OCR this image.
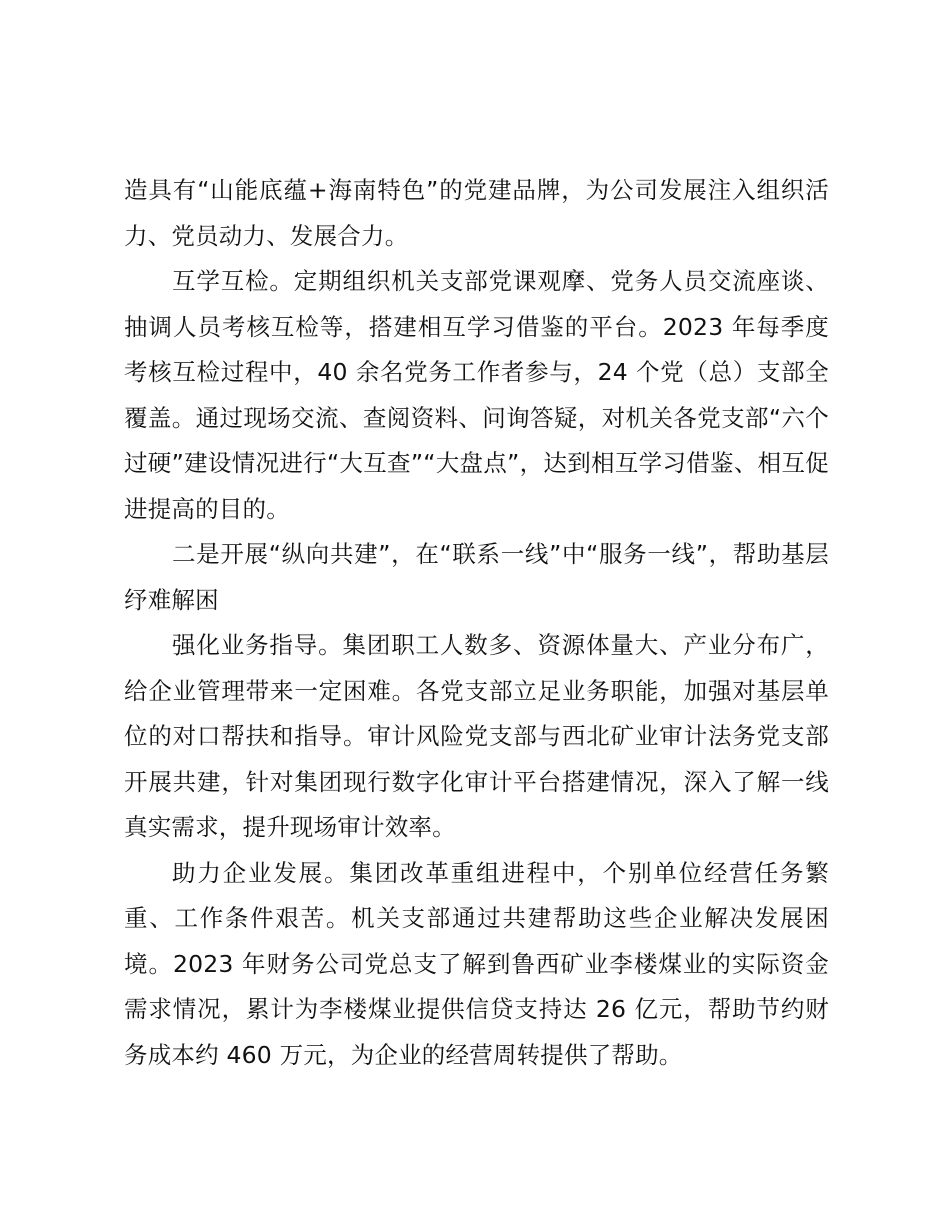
造具有“山能底蕴+海南特色”的党建品牌，为公司发展注入组织活力、党员动力、发展合力。

互学互检。定期组织机关支部党课观摩、党务人员交流座谈、抽调人员考核互检等，搭建相互学习借鉴的平台。2023 年每季度考核互检过程中，40 余名党务工作者参与，24 个党（总）支部全覆盖。通过现场交流、查阅资料、问询答疑，对机关各党支部“六个过硬”建设情况进行“大互查”“大盘点”，达到相互学习借鉴、相互促进提高的目的。

二是开展“纵向共建”，在“联系一线”中“服务一线”，帮助基层纾难解困

强化业务指导。集团职工人数多、资源体量大、产业分布广，给企业管理带来一定困难。各党支部立足业务职能，加强对基层单位的对口帮扶和指导。审计风险党支部与西北矿业审计法务党支部开展共建，针对集团现行数字化审计平台搭建情况，深入了解一线真实需求，提升现场审计效率。

助力企业发展。集团改革重组进程中，个别单位经营任务繁重、工作条件艰苦。机关支部通过共建帮助这些企业解决发展困境。2023 年财务公司党总支了解到鲁西矿业李楼煤业的实际资金需求情况，累计为李楼煤业提供信贷支持达 26 亿元，帮助节约财务成本约 460 万元，为企业的经营周转提供了帮助。
